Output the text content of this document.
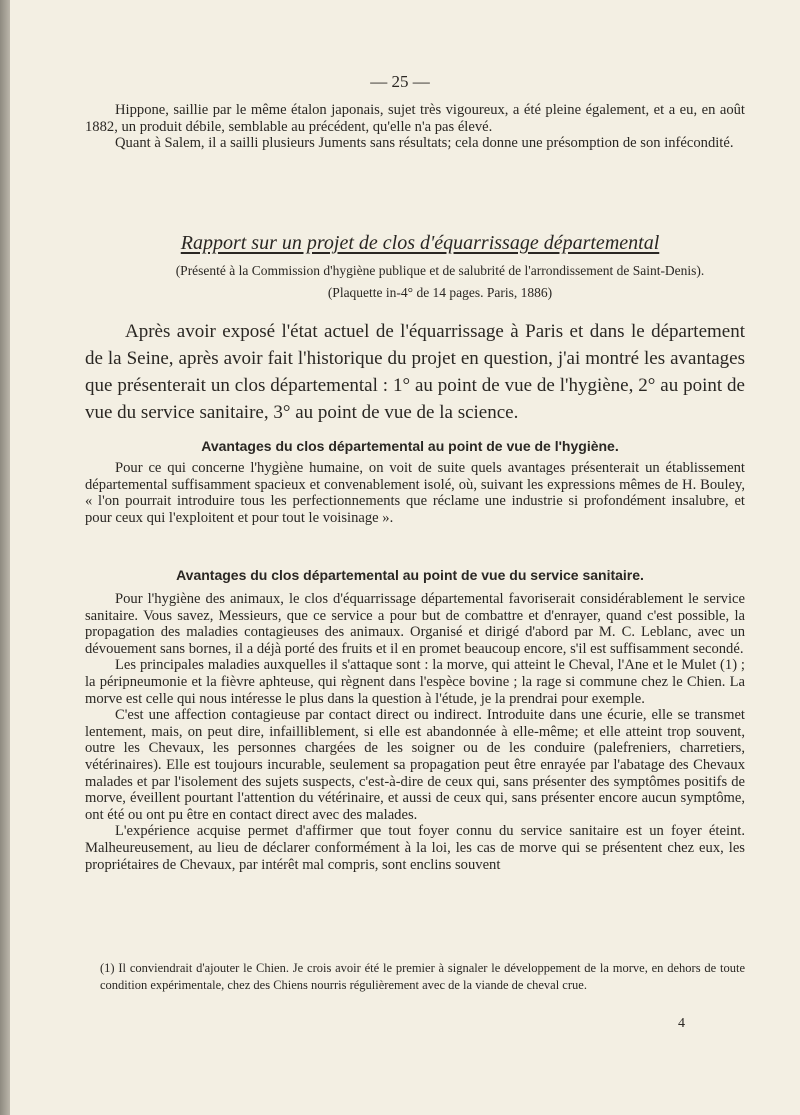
— 25 —

Hippone, saillie par le même étalon japonais, sujet très vigoureux, a été pleine également, et a eu, en août 1882, un produit débile, semblable au précédent, qu'elle n'a pas élevé.

Quant à Salem, il a sailli plusieurs Juments sans résultats; cela donne une présomption de son infécondité.

Rapport sur un projet de clos d'équarrissage départemental
(Présenté à la Commission d'hygiène publique et de salubrité de l'arrondissement de Saint-Denis).
(Plaquette in-4° de 14 pages. Paris, 1886)
Après avoir exposé l'état actuel de l'équarrissage à Paris et dans le département de la Seine, après avoir fait l'historique du projet en question, j'ai montré les avantages que présenterait un clos départemental : 1° au point de vue de l'hygiène, 2° au point de vue du service sanitaire, 3° au point de vue de la science.
Avantages du clos départemental au point de vue de l'hygiène.

Pour ce qui concerne l'hygiène humaine, on voit de suite quels avantages présenterait un établissement départemental suffisamment spacieux et convenablement isolé, où, suivant les expressions mêmes de H. Bouley, « l'on pourrait introduire tous les perfectionnements que réclame une industrie si profondément insalubre, et pour ceux qui l'exploitent et pour tout le voisinage ».

Avantages du clos départemental au point de vue du service sanitaire.

Pour l'hygiène des animaux, le clos d'équarrissage départemental favoriserait considérablement le service sanitaire. Vous savez, Messieurs, que ce service a pour but de combattre et d'enrayer, quand c'est possible, la propagation des maladies contagieuses des animaux. Organisé et dirigé d'abord par M. C. Leblanc, avec un dévouement sans bornes, il a déjà porté des fruits et il en promet beaucoup encore, s'il est suffisamment secondé.

Les principales maladies auxquelles il s'attaque sont : la morve, qui atteint le Cheval, l'Ane et le Mulet (1) ; la péripneumonie et la fièvre aphteuse, qui règnent dans l'espèce bovine ; la rage si commune chez le Chien. La morve est celle qui nous intéresse le plus dans la question à l'étude, je la prendrai pour exemple.

C'est une affection contagieuse par contact direct ou indirect. Introduite dans une écurie, elle se transmet lentement, mais, on peut dire, infailliblement, si elle est abandonnée à elle-même; et elle atteint trop souvent, outre les Chevaux, les personnes chargées de les soigner ou de les conduire (palefreniers, charretiers, vétérinaires). Elle est toujours incurable, seulement sa propagation peut être enrayée par l'abatage des Chevaux malades et par l'isolement des sujets suspects, c'est-à-dire de ceux qui, sans présenter des symptômes positifs de morve, éveillent pourtant l'attention du vétérinaire, et aussi de ceux qui, sans présenter encore aucun symptôme, ont été ou ont pu être en contact direct avec des malades.

L'expérience acquise permet d'affirmer que tout foyer connu du service sanitaire est un foyer éteint. Malheureusement, au lieu de déclarer conformément à la loi, les cas de morve qui se présentent chez eux, les propriétaires de Chevaux, par intérêt mal compris, sont enclins souvent

(1) Il conviendrait d'ajouter le Chien. Je crois avoir été le premier à signaler le développement de la morve, en dehors de toute condition expérimentale, chez des Chiens nourris régulièrement avec de la viande de cheval crue.
4
